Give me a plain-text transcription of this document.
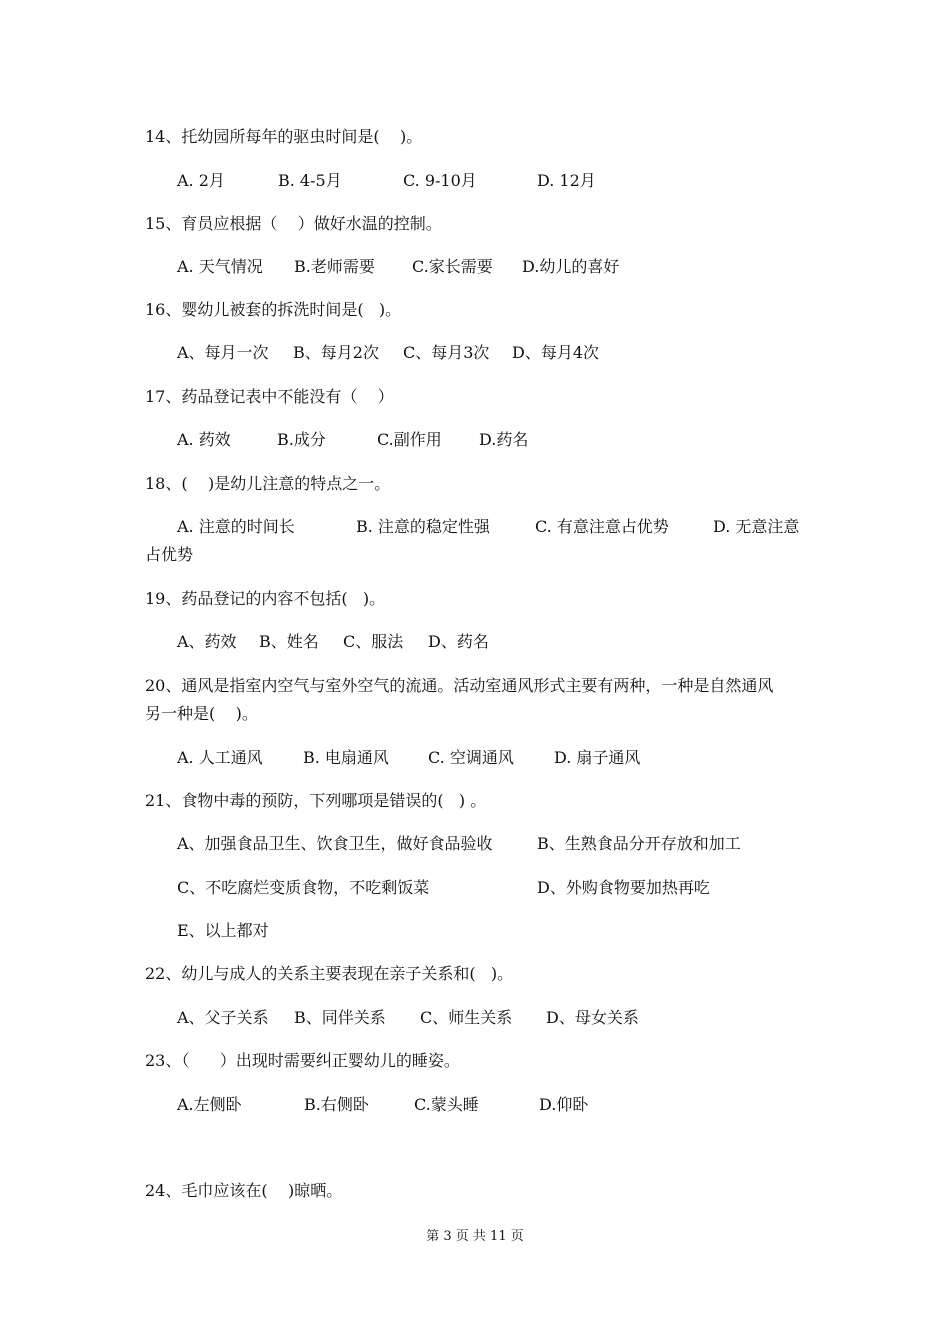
14、托幼园所每年的驱虫时间是(    )。
A. 2月	B. 4-5月	C. 9-10月	D. 12月
15、育员应根据（    ）做好水温的控制。
A. 天气情况 B.老师需要 C.家长需要 D.幼儿的喜好
16、婴幼儿被套的拆洗时间是(   )。
A、每月一次 B、每月2次 C、每月3次 D、每月4次
17、药品登记表中不能没有（    ）
A. 药效	B.成分	C.副作用 D.药名
18、(    )是幼儿注意的特点之一。
A. 注意的时间长	B. 注意的稳定性强	C. 有意注意占优势	D. 无意注意
占优势
19、药品登记的内容不包括(   )。
A、药效 B、姓名 C、服法 D、药名
20、通风是指室内空气与室外空气的流通。活动室通风形式主要有两种，一种是自然通风
另一种是(    )。
A. 人工通风	B. 电扇通风 C. 空调通风	D. 扇子通风
21、食物中毒的预防，下列哪项是错误的(   ) 。
A、加强食品卫生、饮食卫生，做好食品验收	B、生熟食品分开存放和加工
C、不吃腐烂变质食物，不吃剩饭菜	D、外购食物要加热再吃
E、以上都对
22、幼儿与成人的关系主要表现在亲子关系和(   )。
A、父子关系 B、同伴关系 C、师生关系 D、母女关系
23、（      ）出现时需要纠正婴幼儿的睡姿。
A.左侧卧	B.右侧卧	C.蒙头睡	D.仰卧
24、毛巾应该在(    )晾晒。
第 3 页 共 11 页
